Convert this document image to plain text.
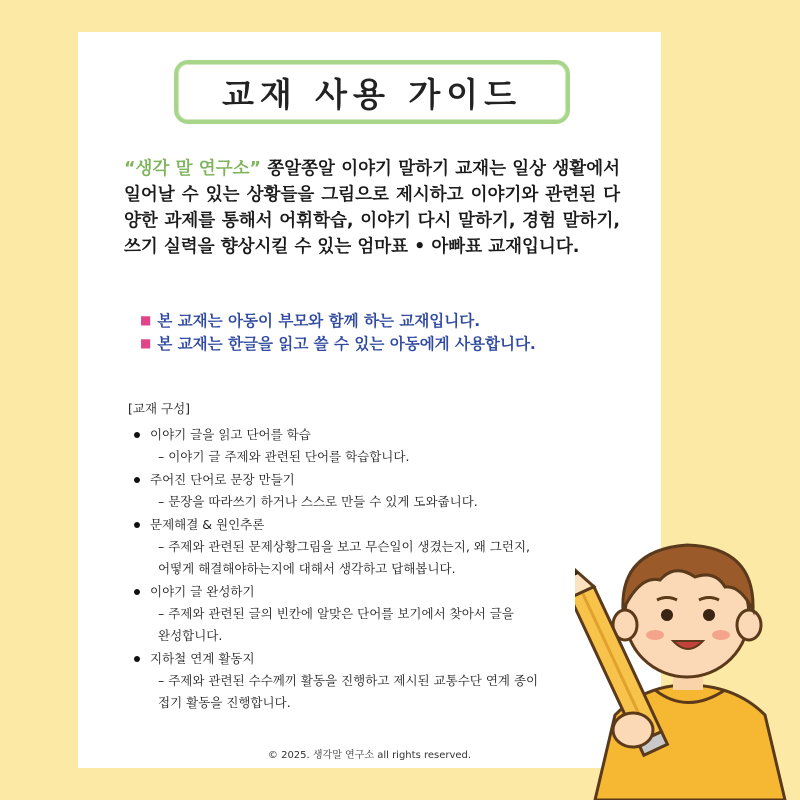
교재 사용 가이드
“생각 말 연구소” 쫑알쫑알 이야기 말하기 교재는 일상 생활에서 일어날 수 있는 상황들을 그림으로 제시하고 이야기와 관련된 다양한 과제를 통해서 어휘학습, 이야기 다시 말하기, 경험 말하기, 쓰기 실력을 향상시킬 수 있는 엄마표 • 아빠표 교재입니다.
■ 본 교재는 아동이 부모와 함께 하는 교재입니다.
■ 본 교재는 한글을 읽고 쓸 수 있는 아동에게 사용합니다.
[교재 구성]
이야기 글을 읽고 단어를 학습
– 이야기 글 주제와 관련된 단어를 학습합니다.
주어진 단어로 문장 만들기
– 문장을 따라쓰기 하거나 스스로 만들 수 있게 도와줍니다.
문제해결 & 원인추론
– 주제와 관련된 문제상황그림을 보고 무슨일이 생겼는지, 왜 그런지,
어떻게 해결해야하는지에 대해서 생각하고 답해봅니다.
이야기 글 완성하기
– 주제와 관련된 글의 빈칸에 알맞은 단어를 보기에서 찾아서 글을
완성합니다.
지하철 연계 활동지
– 주제와 관련된 수수께끼 활동을 진행하고 제시된 교통수단 연계 종이
접기 활동을 진행합니다.
© 2025. 생각말 연구소 all rights reserved.
